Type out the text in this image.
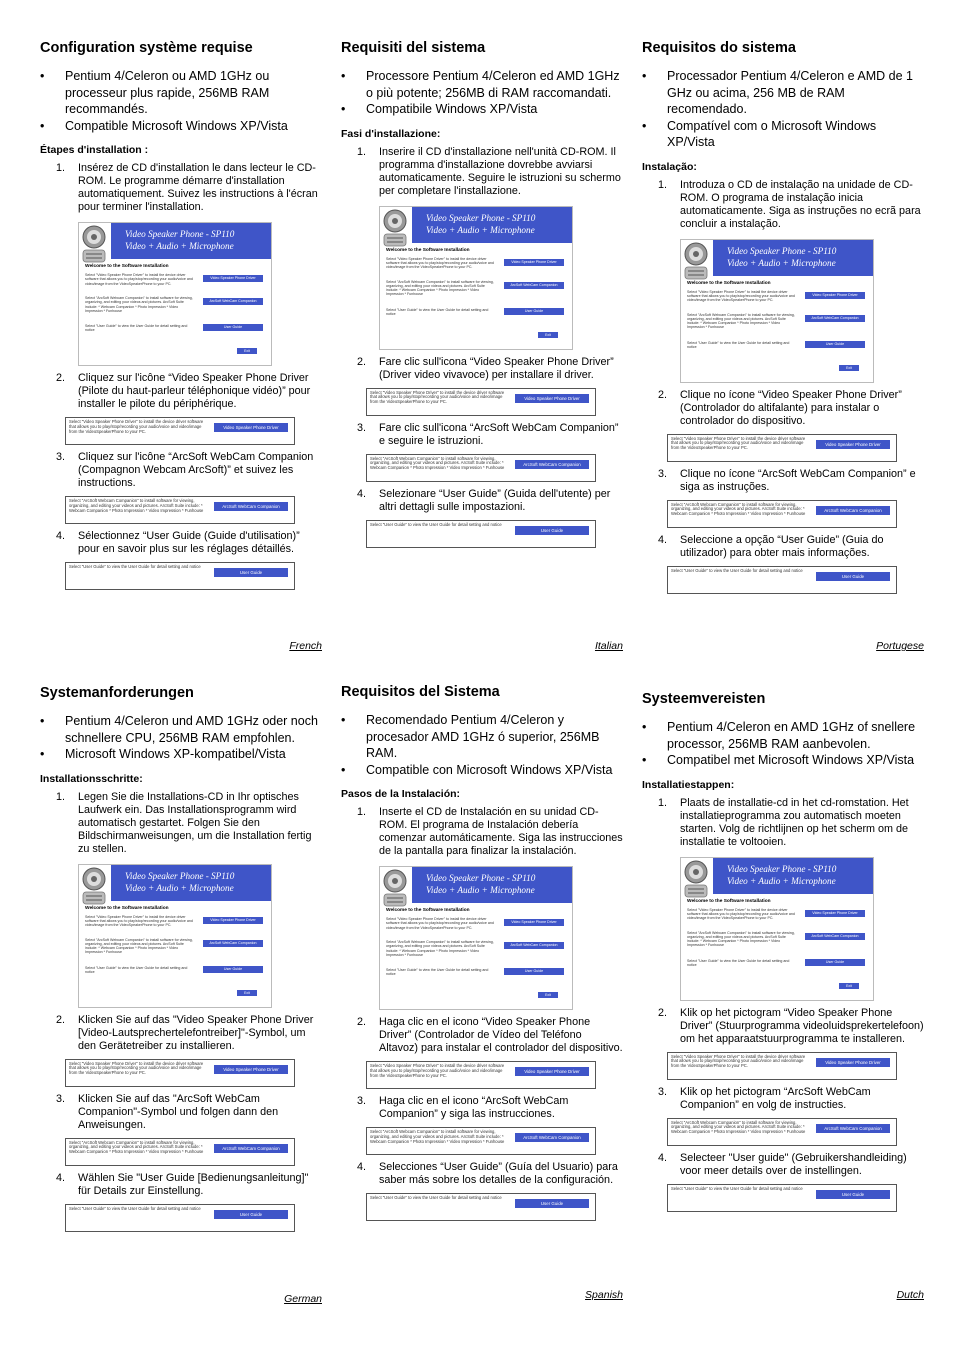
Configuration système requise
• Pentium 4/Celeron ou AMD 1GHz ou processeur plus rapide, 256MB RAM recommandés.
• Compatible Microsoft Windows XP/Vista
Étapes d'installation :
1. Insérez de CD d'installation le dans lecteur le CD-ROM. Le programme démarre d'installation automatiquement. Suivez les instructions à l'écran pour terminer l'installation.
Video Speaker Phone - SP110
Video + Audio + Microphone
Welcome to the Software Installation
Select "Video Speaker Phone Driver" to install the device driver software that allows you to play/stop/recording your audio/voice and video/image from the VideoSpeakerPhone to your PC.
Video Speaker Phone Driver
Select "ArcSoft Webcam Companion" to install software for viewing, organizing, and editing your videos and pictures. ArcSoft Suite include: * Webcam Companion * Photo Impression * Video Impression * Funhouse
ArcSoft WebCam Companion
Select "User Guide" to view the User Guide for detail setting and notice
User Guide
Exit
2. Cliquez sur l'icône “Video Speaker Phone Driver (Pilote du haut-parleur téléphonique vidéo)” pour installer le pilote du périphérique.
Select "Video Speaker Phone Driver" to install the device driver software that allows you to play/stop/recording your audio/voice and video/image from the VideoSpeakerPhone to your PC.
Video Speaker Phone Driver
3. Cliquez sur l'icône “ArcSoft WebCam Companion (Compagnon Webcam ArcSoft)” et suivez les instructions.
Select "ArcSoft Webcam Companion" to install software for viewing, organizing, and editing your videos and pictures. ArcSoft Suite include: * Webcam Companion * Photo Impression * Video Impression * Funhouse
ArcSoft WebCam Companion
4. Sélectionnez “User Guide (Guide d'utilisation)” pour en savoir plus sur les réglages détaillés.
Select "User Guide" to view the User Guide for detail setting and notice
User Guide
French
Requisiti del sistema
• Processore Pentium 4/Celeron ed AMD 1GHz o più potente; 256MB di RAM raccomandati.
• Compatibile Windows XP/Vista
Fasi d'installazione:
1. Inserire il CD d'installazione nell'unità CD-ROM. Il programma d'installazione dovrebbe avviarsi automaticamente. Seguire le istruzioni su schermo per completare l'installazione.
Video Speaker Phone - SP110
Video + Audio + Microphone
Welcome to the Software Installation
Select "Video Speaker Phone Driver" to install the device driver software that allows you to play/stop/recording your audio/voice and video/image from the VideoSpeakerPhone to your PC.
Video Speaker Phone Driver
Select "ArcSoft Webcam Companion" to install software for viewing, organizing, and editing your videos and pictures. ArcSoft Suite include: * Webcam Companion * Photo Impression * Video Impression * Funhouse
ArcSoft WebCam Companion
Select "User Guide" to view the User Guide for detail setting and notice
User Guide
Exit
2. Fare clic sull'icona “Video Speaker Phone Driver” (Driver video vivavoce) per installare il driver.
Select "Video Speaker Phone Driver" to install the device driver software that allows you to play/stop/recording your audio/voice and video/image from the VideoSpeakerPhone to your PC.
Video Speaker Phone Driver
3. Fare clic sull'icona “ArcSoft WebCam Companion” e seguire le istruzioni.
Select "ArcSoft Webcam Companion" to install software for viewing, organizing, and editing your videos and pictures. ArcSoft Suite include: * Webcam Companion * Photo Impression * Video Impression * Funhouse
ArcSoft WebCam Companion
4. Selezionare “User Guide” (Guida dell'utente) per altri dettagli sulle impostazioni.
Select "User Guide" to view the User Guide for detail setting and notice
User Guide
Italian
Requisitos do sistema
• Processador Pentium 4/Celeron e AMD de 1 GHz ou acima, 256 MB de RAM recomendado.
• Compatível com o Microsoft Windows XP/Vista
Instalação:
1. Introduza o CD de instalação na unidade de CD-ROM. O programa de instalação inicia automaticamente. Siga as instruções no ecrã para concluir a instalação.
Video Speaker Phone - SP110
Video + Audio + Microphone
Welcome to the Software Installation
Select "Video Speaker Phone Driver" to install the device driver software that allows you to play/stop/recording your audio/voice and video/image from the VideoSpeakerPhone to your PC.
Video Speaker Phone Driver
Select "ArcSoft Webcam Companion" to install software for viewing, organizing, and editing your videos and pictures. ArcSoft Suite include: * Webcam Companion * Photo Impression * Video Impression * Funhouse
ArcSoft WebCam Companion
Select "User Guide" to view the User Guide for detail setting and notice
User Guide
Exit
2. Clique no ícone “Video Speaker Phone Driver” (Controlador do altifalante) para instalar o controlador do dispositivo.
Select "Video Speaker Phone Driver" to install the device driver software that allows you to play/stop/recording your audio/voice and video/image from the VideoSpeakerPhone to your PC.
Video Speaker Phone Driver
3. Clique no ícone “ArcSoft WebCam Companion” e siga as instruções.
Select "ArcSoft Webcam Companion" to install software for viewing, organizing, and editing your videos and pictures. ArcSoft Suite include: * Webcam Companion * Photo Impression * Video Impression * Funhouse
ArcSoft WebCam Companion
4. Seleccione a opção “User Guide” (Guia do utilizador) para obter mais informações.
Select "User Guide" to view the User Guide for detail setting and notice
User Guide
Portugese
Systemanforderungen
• Pentium 4/Celeron und AMD 1GHz oder noch schnellere CPU, 256MB RAM empfohlen.
• Microsoft Windows XP-kompatibel/Vista
Installationsschritte:
1. Legen Sie die Installations-CD in Ihr optisches Laufwerk ein. Das Installationsprogramm wird automatisch gestartet. Folgen Sie den Bildschirmanweisungen, um die Installation fertig zu stellen.
Video Speaker Phone - SP110
Video + Audio + Microphone
Welcome to the Software Installation
Select "Video Speaker Phone Driver" to install the device driver software that allows you to play/stop/recording your audio/voice and video/image from the VideoSpeakerPhone to your PC.
Video Speaker Phone Driver
Select "ArcSoft Webcam Companion" to install software for viewing, organizing, and editing your videos and pictures. ArcSoft Suite include: * Webcam Companion * Photo Impression * Video Impression * Funhouse
ArcSoft WebCam Companion
Select "User Guide" to view the User Guide for detail setting and notice
User Guide
Exit
2. Klicken Sie auf das "Video Speaker Phone Driver [Video-Lautsprechertelefontreiber]"-Symbol, um den Gerätetreiber zu installieren.
Select "Video Speaker Phone Driver" to install the device driver software that allows you to play/stop/recording your audio/voice and video/image from the VideoSpeakerPhone to your PC.
Video Speaker Phone Driver
3. Klicken Sie auf das "ArcSoft WebCam Companion"-Symbol und folgen dann den Anweisungen.
Select "ArcSoft Webcam Companion" to install software for viewing, organizing, and editing your videos and pictures. ArcSoft Suite include: * Webcam Companion * Photo Impression * Video Impression * Funhouse
ArcSoft WebCam Companion
4. Wählen Sie "User Guide [Bedienungsanleitung]" für Details zur Einstellung.
Select "User Guide" to view the User Guide for detail setting and notice
User Guide
German
Requisitos del Sistema
• Recomendado Pentium 4/Celeron y procesador AMD 1GHz ó superior, 256MB RAM.
• Compatible con Microsoft Windows XP/Vista
Pasos de la Instalación:
1. Inserte el CD de Instalación en su unidad CD-ROM. El programa de Instalación debería comenzar automáticamente. Siga las instrucciones de la pantalla para finalizar la instalación.
Video Speaker Phone - SP110
Video + Audio + Microphone
Welcome to the Software Installation
Select "Video Speaker Phone Driver" to install the device driver software that allows you to play/stop/recording your audio/voice and video/image from the VideoSpeakerPhone to your PC.
Video Speaker Phone Driver
Select "ArcSoft Webcam Companion" to install software for viewing, organizing, and editing your videos and pictures. ArcSoft Suite include: * Webcam Companion * Photo Impression * Video Impression * Funhouse
ArcSoft WebCam Companion
Select "User Guide" to view the User Guide for detail setting and notice
User Guide
Exit
2. Haga clic en el icono “Video Speaker Phone Driver” (Controlador de Vídeo del Teléfono Altavoz) para instalar el controlador del dispositivo.
Select "Video Speaker Phone Driver" to install the device driver software that allows you to play/stop/recording your audio/voice and video/image from the VideoSpeakerPhone to your PC.
Video Speaker Phone Driver
3. Haga clic en el icono “ArcSoft WebCam Companion” y siga las instrucciones.
Select "ArcSoft Webcam Companion" to install software for viewing, organizing, and editing your videos and pictures. ArcSoft Suite include: * Webcam Companion * Photo Impression * Video Impression * Funhouse
ArcSoft WebCam Companion
4. Selecciones “User Guide” (Guía del Usuario) para saber más sobre los detalles de la configuración.
Select "User Guide" to view the User Guide for detail setting and notice
User Guide
Spanish
Systeemvereisten
• Pentium 4/Celeron en AMD 1GHz of snellere processor, 256MB RAM aanbevolen.
• Compatibel met Microsoft Windows XP/Vista
Installatiestappen:
1. Plaats de installatie-cd in het cd-romstation. Het installatieprogramma zou automatisch moeten starten. Volg de richtlijnen op het scherm om de installatie te voltooien.
Video Speaker Phone - SP110
Video + Audio + Microphone
Welcome to the Software Installation
Select "Video Speaker Phone Driver" to install the device driver software that allows you to play/stop/recording your audio/voice and video/image from the VideoSpeakerPhone to your PC.
Video Speaker Phone Driver
Select "ArcSoft Webcam Companion" to install software for viewing, organizing, and editing your videos and pictures. ArcSoft Suite include: * Webcam Companion * Photo Impression * Video Impression * Funhouse
ArcSoft WebCam Companion
Select "User Guide" to view the User Guide for detail setting and notice
User Guide
Exit
2. Klik op het pictogram “Video Speaker Phone Driver” (Stuurprogramma videoluidsprekertelefoon) om het apparaatstuurprogramma te installeren.
Select "Video Speaker Phone Driver" to install the device driver software that allows you to play/stop/recording your audio/voice and video/image from the VideoSpeakerPhone to your PC.
Video Speaker Phone Driver
3. Klik op het pictogram “ArcSoft WebCam Companion” en volg de instructies.
Select "ArcSoft Webcam Companion" to install software for viewing, organizing, and editing your videos and pictures. ArcSoft Suite include: * Webcam Companion * Photo Impression * Video Impression * Funhouse
ArcSoft WebCam Companion
4. Selecteer "User guide" (Gebruikershandleiding) voor meer details over de instellingen.
Select "User Guide" to view the User Guide for detail setting and notice
User Guide
Dutch
